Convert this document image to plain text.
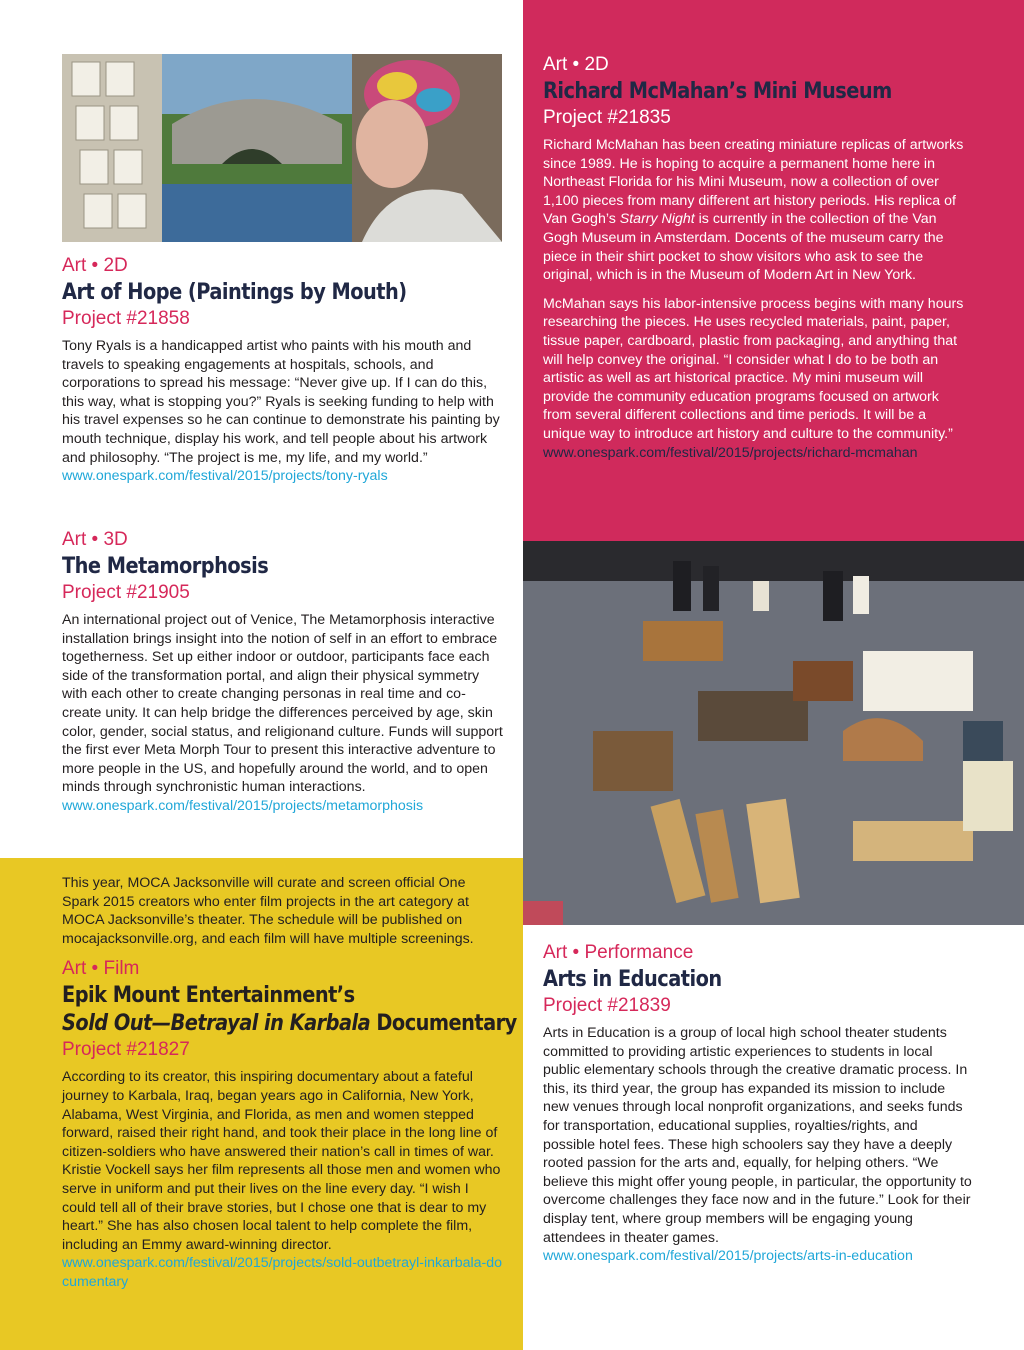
Art • 2D

Art of Hope (Paintings by Mouth)

Project #21858

Tony Ryals is a handicapped artist who paints with his mouth and travels to speaking engagements at hospitals, schools, and corporations to spread his message: “Never give up. If I can do this, this way, what is stopping you?” Ryals is seeking funding to help with his travel expenses so he can continue to demonstrate his painting by mouth technique, display his work, and tell people about his artwork and philosophy. “The project is me, my life, and my world.”

www.onespark.com/festival/2015/projects/tony-ryals

Art • 2D

Richard McMahan’s Mini Museum

Project #21835

Richard McMahan has been creating miniature replicas of artworks since 1989. He is hoping to acquire a permanent home here in Northeast Florida for his Mini Museum, now a collection of over 1,100 pieces from many different art history periods. His replica of Van Gogh’s Starry Night is currently in the collection of the Van Gogh Museum in Amsterdam. Docents of the museum carry the piece in their shirt pocket to show visitors who ask to see the original, which is in the Museum of Modern Art in New York.

McMahan says his labor-intensive process begins with many hours researching the pieces. He uses recycled materials, paint, paper, tissue paper, cardboard, plastic from packaging, and anything that will help convey the original. “I consider what I do to be both an artistic as well as art historical practice. My mini museum will provide the community education programs focused on artwork from several different collections and time periods. It will be a unique way to introduce art history and culture to the community.”

www.onespark.com/festival/2015/projects/richard-mcmahan

Art • 3D

The Metamorphosis

Project #21905

An international project out of Venice, The Metamorphosis interactive installation brings insight into the notion of self in an effort to embrace togetherness. Set up either indoor or outdoor, participants face each side of the transformation portal, and align their physical symmetry with each other to create changing personas in real time and co-create unity. It can help bridge the differences perceived by age, skin color, gender, social status, and religionand culture. Funds will support the first ever Meta Morph Tour to present this interactive adventure to more people in the US, and hopefully around the world, and to open minds through synchronistic human interactions.

www.onespark.com/festival/2015/projects/metamorphosis

This year, MOCA Jacksonville will curate and screen official One Spark 2015 creators who enter film projects in the art category at MOCA Jacksonville’s theater. The schedule will be published on mocajacksonville.org, and each film will have multiple screenings.

Art • Film

Epik Mount Entertainment’s

Sold Out—Betrayal in Karbala Documentary

Project #21827

According to its creator, this inspiring documentary about a fateful journey to Karbala, Iraq, began years ago in California, New York, Alabama, West Virginia, and Florida, as men and women stepped forward, raised their right hand, and took their place in the long line of citizen-soldiers who have answered their nation’s call in times of war. Kristie Vockell says her film represents all those men and women who serve in uniform and put their lives on the line every day. “I wish I could tell all of their brave stories, but I chose one that is dear to my heart.” She has also chosen local talent to help complete the film, including an Emmy award-winning director.

www.onespark.com/festival/2015/projects/sold-outbetrayl-inkarbala-documentary

Art • Performance

Arts in Education

Project #21839

Arts in Education is a group of local high school theater students committed to providing artistic experiences to students in local public elementary schools through the creative dramatic process. In this, its third year, the group has expanded its mission to include new venues through local nonprofit organizations, and seeks funds for transportation, educational supplies, royalties/rights, and possible hotel fees. These high schoolers say they have a deeply rooted passion for the arts and, equally, for helping others. “We believe this might offer young people, in particular, the opportunity to overcome challenges they face now and in the future.” Look for their display tent, where group members will be engaging young attendees in theater games.

www.onespark.com/festival/2015/projects/arts-in-education
